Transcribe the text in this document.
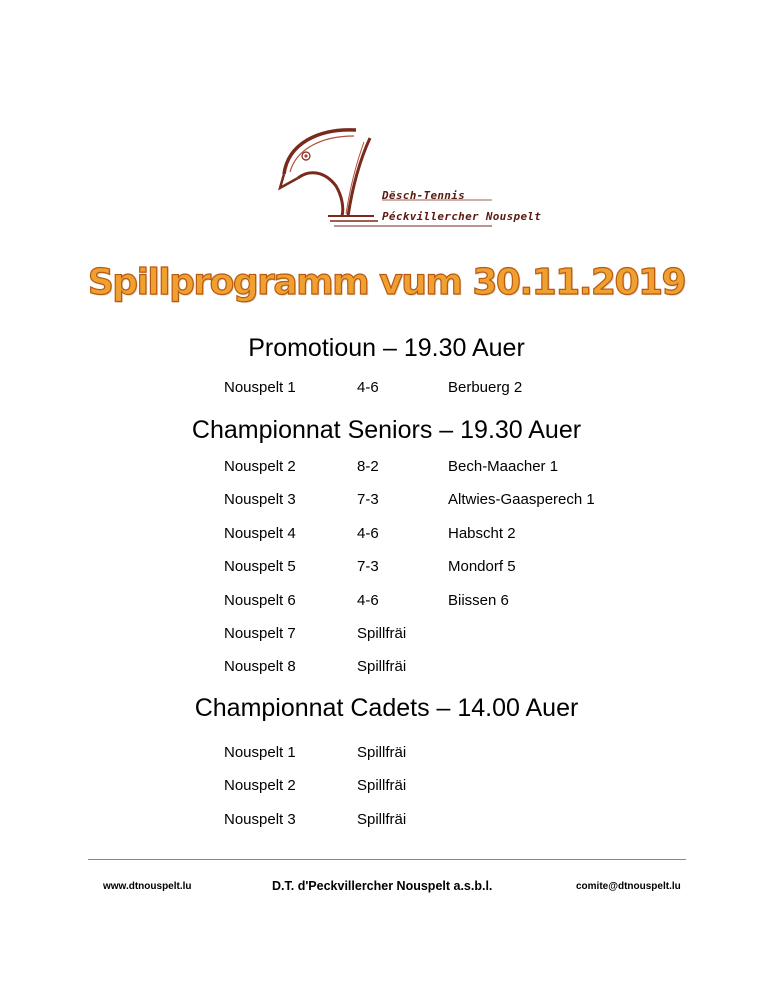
Dësch-Tennis
Péckvillercher Nouspelt
Spillprogramm vum 30.11.2019
Promotioun – 19.30 Auer
Nouspelt 1	4-6	Berbuerg 2
Championnat Seniors – 19.30 Auer
Nouspelt 2	8-2	Bech-Maacher 1
Nouspelt 3	7-3	Altwies-Gaasperech 1
Nouspelt 4	4-6	Habscht 2
Nouspelt 5	7-3	Mondorf 5
Nouspelt 6	4-6	Biissen 6
Nouspelt 7	Spillfräi
Nouspelt 8	Spillfräi
Championnat Cadets – 14.00 Auer
Nouspelt 1	Spillfräi
Nouspelt 2	Spillfräi
Nouspelt 3	Spillfräi
www.dtnouspelt.lu	D.T. d'Peckvillercher Nouspelt a.s.b.l.	comite@dtnouspelt.lu
